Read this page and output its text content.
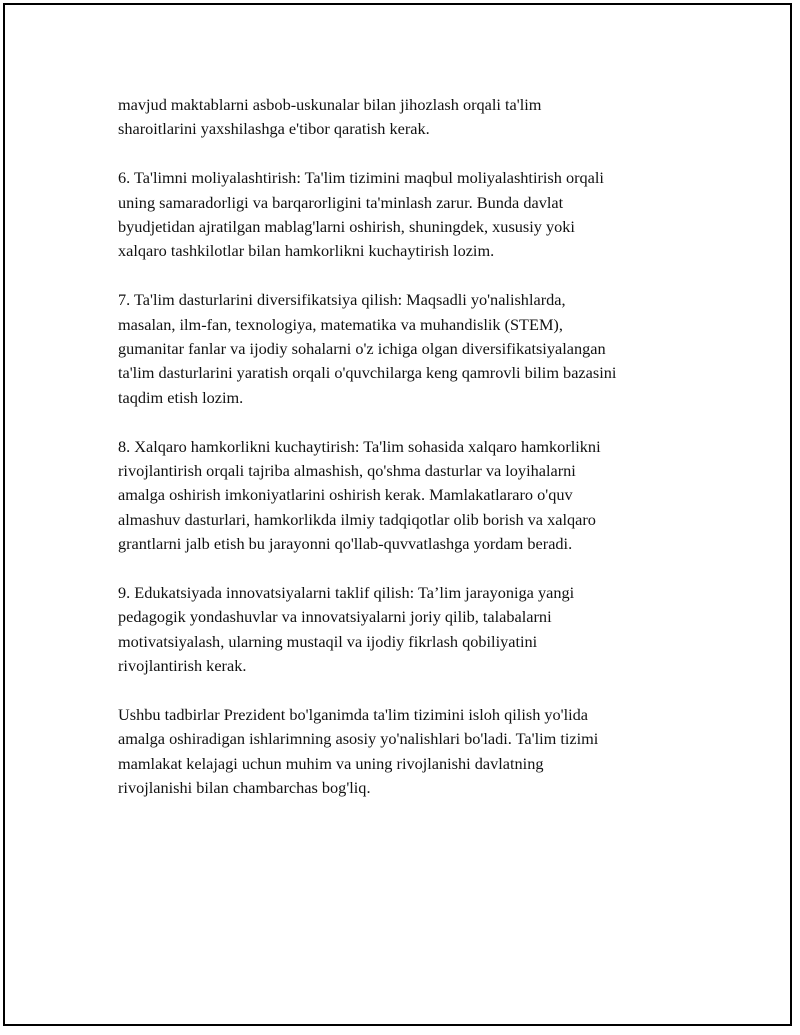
mavjud maktablarni asbob-uskunalar bilan jihozlash orqali ta'lim
sharoitlarini yaxshilashga e'tibor qaratish kerak.

6. Ta'limni moliyalashtirish: Ta'lim tizimini maqbul moliyalashtirish orqali
uning samaradorligi va barqarorligini ta'minlash zarur. Bunda davlat
byudjetidan ajratilgan mablag'larni oshirish, shuningdek, xususiy yoki
xalqaro tashkilotlar bilan hamkorlikni kuchaytirish lozim.

7. Ta'lim dasturlarini diversifikatsiya qilish: Maqsadli yo'nalishlarda,
masalan, ilm-fan, texnologiya, matematika va muhandislik (STEM),
gumanitar fanlar va ijodiy sohalarni o'z ichiga olgan diversifikatsiyalangan
ta'lim dasturlarini yaratish orqali o'quvchilarga keng qamrovli bilim bazasini
taqdim etish lozim.

8. Xalqaro hamkorlikni kuchaytirish: Ta'lim sohasida xalqaro hamkorlikni
rivojlantirish orqali tajriba almashish, qo'shma dasturlar va loyihalarni
amalga oshirish imkoniyatlarini oshirish kerak. Mamlakatlararo o'quv
almashuv dasturlari, hamkorlikda ilmiy tadqiqotlar olib borish va xalqaro
grantlarni jalb etish bu jarayonni qo'llab-quvvatlashga yordam beradi.

9. Edukatsiyada innovatsiyalarni taklif qilish: Ta’lim jarayoniga yangi
pedagogik yondashuvlar va innovatsiyalarni joriy qilib, talabalarni
motivatsiyalash, ularning mustaqil va ijodiy fikrlash qobiliyatini
rivojlantirish kerak.

Ushbu tadbirlar Prezident bo'lganimda ta'lim tizimini isloh qilish yo'lida
amalga oshiradigan ishlarimning asosiy yo'nalishlari bo'ladi. Ta'lim tizimi
mamlakat kelajagi uchun muhim va uning rivojlanishi davlatning
rivojlanishi bilan chambarchas bog'liq.
